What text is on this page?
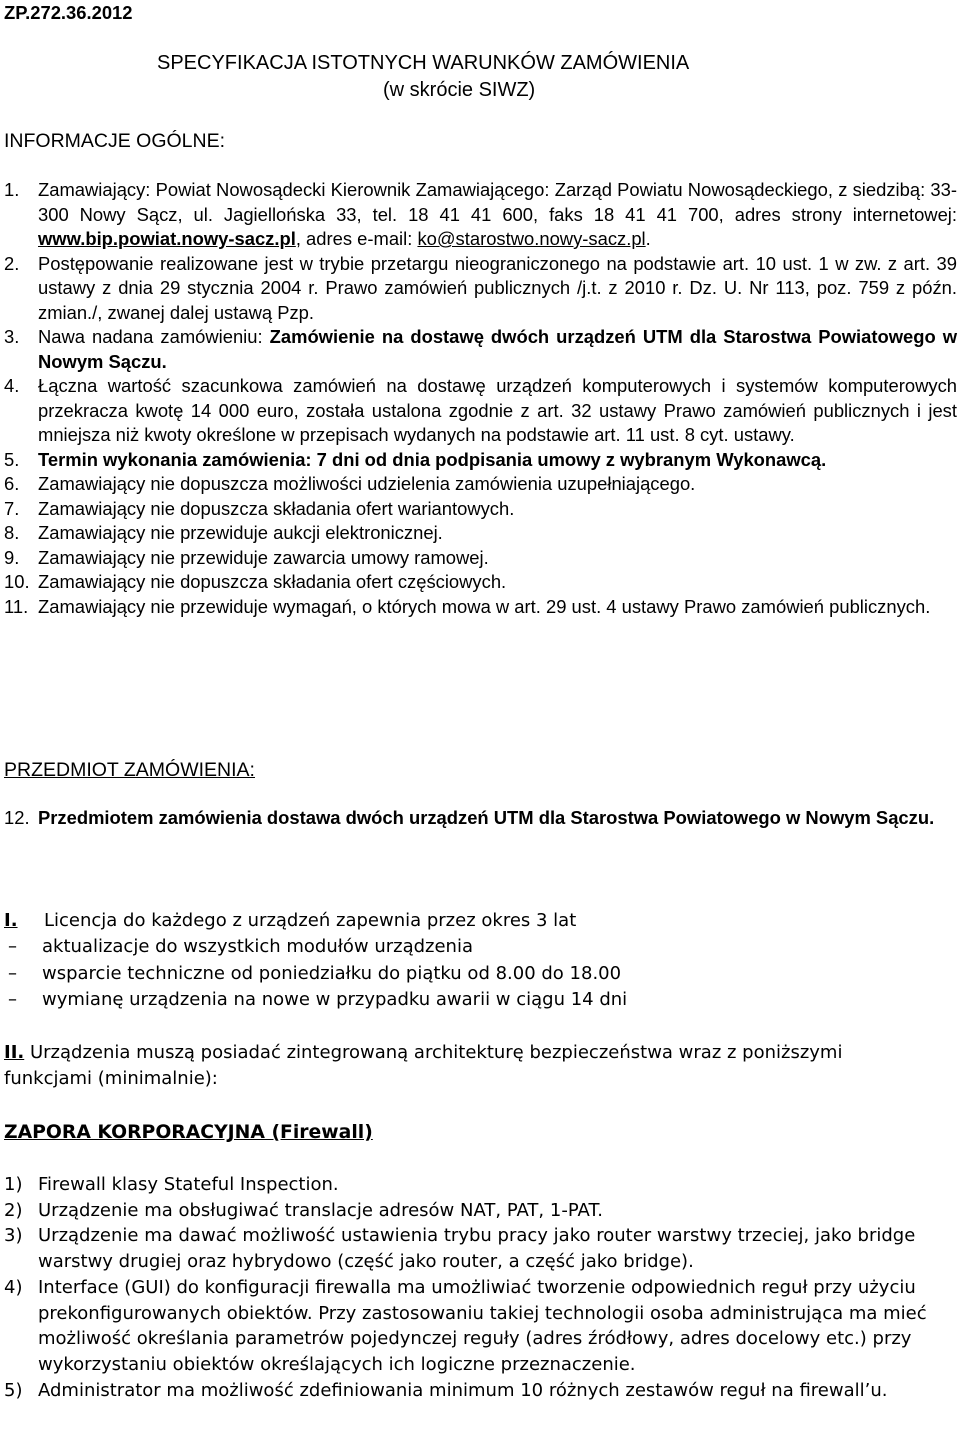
ZP.272.36.2012
SPECYFIKACJA ISTOTNYCH WARUNKÓW ZAMÓWIENIA
(w skrócie SIWZ)
INFORMACJE OGÓLNE:
1. Zamawiający: Powiat Nowosądecki Kierownik Zamawiającego: Zarząd Powiatu Nowosądeckiego, z siedzibą: 33-300 Nowy Sącz, ul. Jagiellońska 33, tel. 18 41 41 600, faks 18 41 41 700, adres strony internetowej: www.bip.powiat.nowy-sacz.pl, adres e-mail: ko@starostwo.nowy-sacz.pl.
2. Postępowanie realizowane jest w trybie przetargu nieograniczonego na podstawie art. 10 ust. 1 w zw. z art. 39 ustawy z dnia 29 stycznia 2004 r. Prawo zamówień publicznych /j.t. z 2010 r. Dz. U. Nr 113, poz. 759 z późn. zmian./, zwanej dalej ustawą Pzp.
3. Nawa nadana zamówieniu: Zamówienie na dostawę dwóch urządzeń UTM dla Starostwa Powiatowego w Nowym Sączu.
4. Łączna wartość szacunkowa zamówień na dostawę urządzeń komputerowych i systemów komputerowych przekracza kwotę 14 000 euro, została ustalona zgodnie z art. 32 ustawy Prawo zamówień publicznych i jest mniejsza niż kwoty określone w przepisach wydanych na podstawie art. 11 ust. 8 cyt. ustawy.
5. Termin wykonania zamówienia: 7 dni od dnia podpisania umowy z wybranym Wykonawcą.
6. Zamawiający nie dopuszcza możliwości udzielenia zamówienia uzupełniającego.
7. Zamawiający nie dopuszcza składania ofert wariantowych.
8. Zamawiający nie przewiduje aukcji elektronicznej.
9. Zamawiający nie przewiduje zawarcia umowy ramowej.
10. Zamawiający nie dopuszcza składania ofert częściowych.
11. Zamawiający nie przewiduje wymagań, o których mowa w art. 29 ust. 4 ustawy Prawo zamówień publicznych.
PRZEDMIOT ZAMÓWIENIA:
12. Przedmiotem zamówienia dostawa dwóch urządzeń UTM dla Starostwa Powiatowego w Nowym Sączu.
I. Licencja do każdego z urządzeń zapewnia przez okres 3 lat
– aktualizacje do wszystkich modułów urządzenia
– wsparcie techniczne od poniedziałku do piątku od 8.00 do 18.00
– wymianę urządzenia na nowe w przypadku awarii w ciągu 14 dni
II. Urządzenia muszą posiadać zintegrowaną architekturę bezpieczeństwa wraz z poniższymi funkcjami (minimalnie):
ZAPORA KORPORACYJNA (Firewall)
1) Firewall klasy Stateful Inspection.
2) Urządzenie ma obsługiwać translacje adresów NAT, PAT, 1-PAT.
3) Urządzenie ma dawać możliwość ustawienia trybu pracy jako router warstwy trzeciej, jako bridge warstwy drugiej oraz hybrydowo (część jako router, a część jako bridge).
4) Interface (GUI) do konfiguracji firewalla ma umożliwiać tworzenie odpowiednich reguł przy użyciu prekonfigurowanych obiektów. Przy zastosowaniu takiej technologii osoba administrująca ma mieć możliwość określania parametrów pojedynczej reguły (adres źródłowy, adres docelowy etc.) przy wykorzystaniu obiektów określających ich logiczne przeznaczenie.
5) Administrator ma możliwość zdefiniowania minimum 10 różnych zestawów reguł na firewall’u.
